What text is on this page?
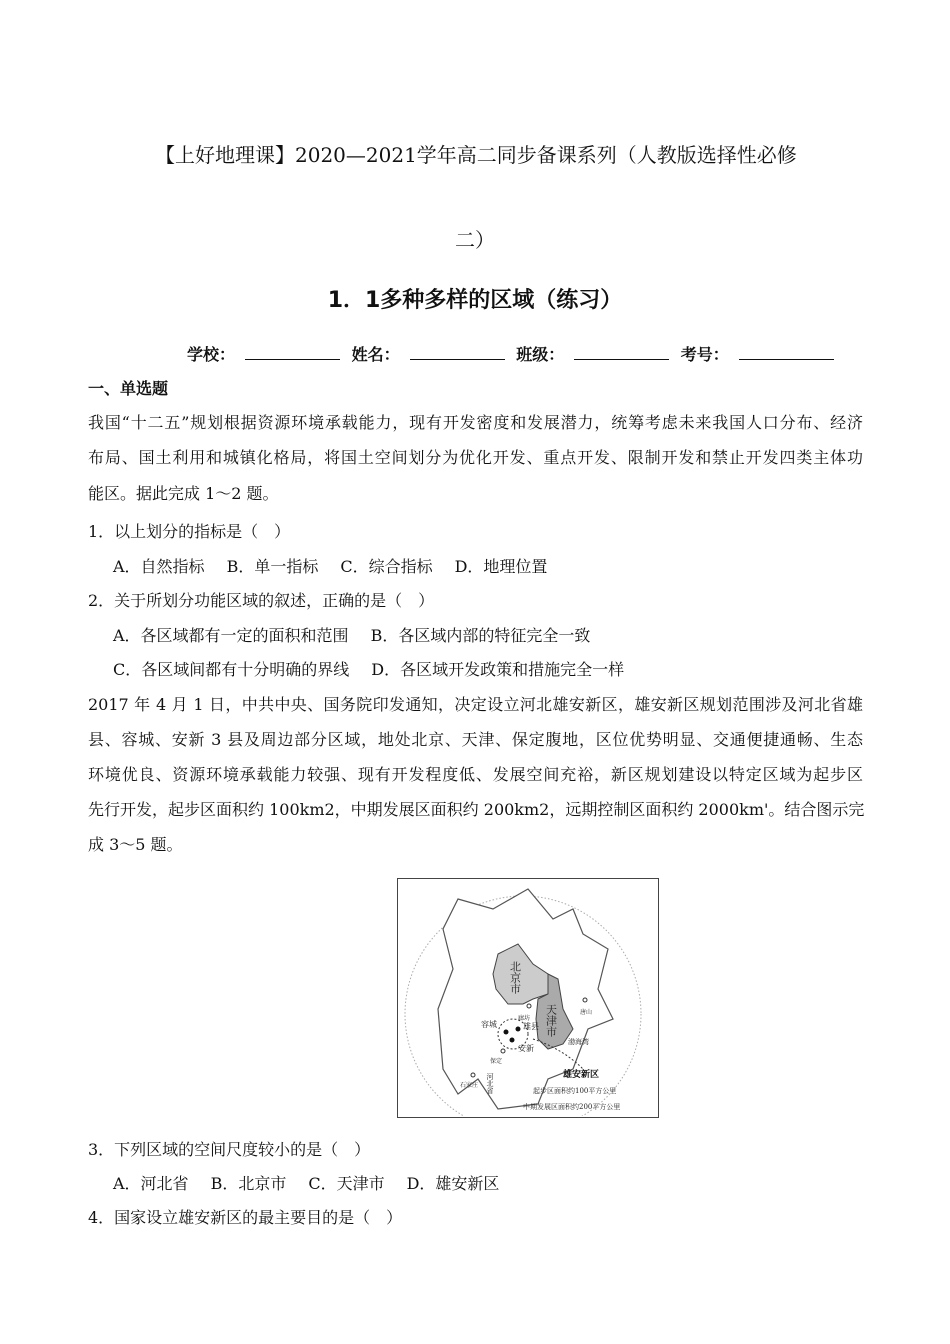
【上好地理课】2020—2021学年高二同步备课系列（人教版选择性必修
二）
1．1多种多样的区域（练习）
学校：	姓名：	班级：	考号：
一、单选题
我国“十二五”规划根据资源环境承载能力，现有开发密度和发展潜力，统筹考虑未来我国人口分布、经济
布局、国土利用和城镇化格局，将国土空间划分为优化开发、重点开发、限制开发和禁止开发四类主体功
能区。据此完成 1～2 题。
1．以上划分的指标是（　）
A．自然指标 B．单一指标 C．综合指标 D．地理位置
2．关于所划分功能区域的叙述，正确的是（　）
A．各区域都有一定的面积和范围 B．各区域内部的特征完全一致
C．各区域间都有十分明确的界线 D．各区域开发政策和措施完全一样
2017 年 4 月 1 日，中共中央、国务院印发通知，决定设立河北雄安新区，雄安新区规划范围涉及河北省雄
县、容城、安新 3 县及周边部分区域，地处北京、天津、保定腹地，区位优势明显、交通便捷通畅、生态
环境优良、资源环境承载能力较强、现有开发程度低、发展空间充裕，新区规划建设以特定区域为起步区
先行开发，起步区面积约 100km2，中期发展区面积约 200km2，远期控制区面积约 2000km'。结合图示完
成 3～5 题。
北京市
天津市
廊坊
唐山
容城	雄县
安新
保定
渤海湾
石家庄 河北省	雄安新区
起步区面积约100平方公里
中期发展区面积约200平方公里
3．下列区域的空间尺度较小的是（　）
A．河北省 B．北京市 C．天津市 D．雄安新区
4．国家设立雄安新区的最主要目的是（　）
